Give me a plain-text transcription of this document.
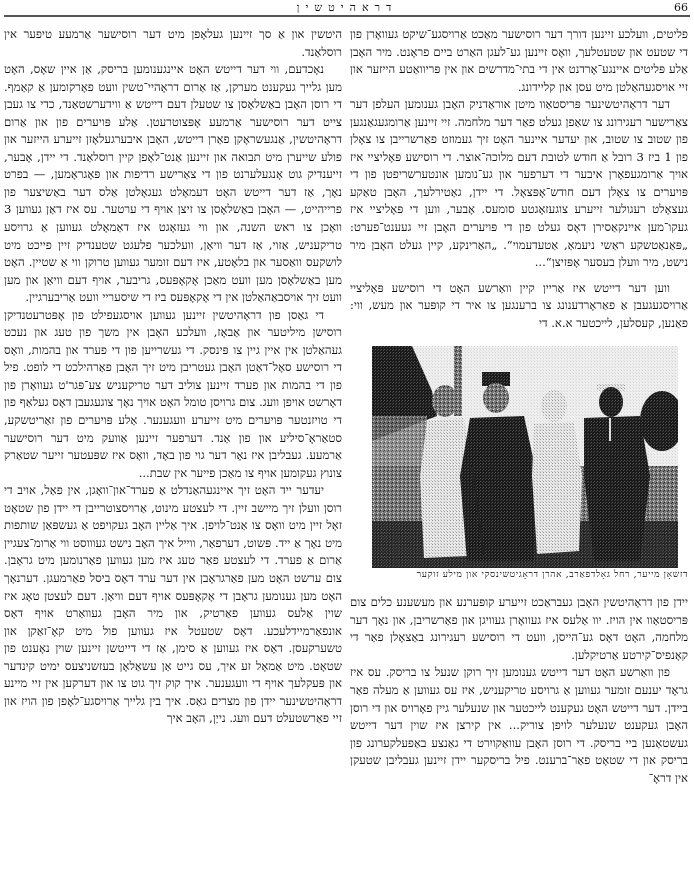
דראהיטשין	66

פליטים, וועלכע זיינען דורך דער רוסישער מאַכט אַרויסגע־שיקט געוואָרן פון די שטעט און שטעטלעך, וואָס זיינען גע־לעגן האַרט ביים פראָנט. מיר האָבן אַלע פּליטים איינגע־אָרדנט אין די בתי־מדרשים און אין פּריוואַטע הייזער און זיי אויסגעהאַלטן מיט עסן און קליידונג.

דער דראָהיטשינער פּריסטאַוו מיטן אוראַדניק האָבן גענומען העלפן דער צאַרישער רעגירונג צו שאַפן געלט פאַר דער מלחמה. זיי זיינען אַרומגעגאַנגען פון שטוב צו שטוב, און יעדער איינער האָט זיך געמוזט פאַרשרייבן צו צאָלן פון 1 ביז 3 רובל אַ חודש לטובת דעם מלוכה־אוצר. די רוסישע פּאָליציי איז אויך אַרומגעפאָרן איבער די דערפער און גע־נומען אונטערשריפטן פון די פּויערים צו צאָלן דעם חודש־אָפּצאָל. די יידן, גאַטירלעך, האָבן טאַקע געצאָלט רעגולער זייערע צוגעזאָגטע סומעס. אָבער, ווען די פּאָליציי איז געקו־מען איינקאַסירן דאָס געלט פון די פּויערים האָבן זיי געענט־פערט: „פּאַנאַטשקע ראַשי ניעמאַ, אַטעדעמוי“. „האַרינקע, קיין געלט האָבן מיר נישט, מיר וועלן בעסער אָפּזיצן“...

ווען דער דייטש איז אַריין קיין וואַרשע האָט די רוסישע פּאָליציי אַרויסגעגעבן אַ פאַראָרדענונג צו ברענגען צו איר די קופּער און מעש, ווי: פאַנען, קעסלען, לייכטער א.א. די

דזשאָן מייער, רחל גאָלדפאַרב, אהרן דראָגיטשינסקי און מילע זוקער

יידן פון דראָהיטשין האָבן געבראַכט זייערע קופּערנע און מעשענע כלים צום פּריסטאַוו אין הויז. יוו אַלעס איז געוואָרן געוויגן און פאַרשריבן, און נאָך דער מלחמה, האָט דאָס גע־הייסן, וועט די רוסישע רעגירונג באַצאָלן פאַר די קאָנפיס־קירטע אַרטיקלען.

פון וואַרשע האָט דער דייטש גענומען זיך רוקן שנעל צו בריסק. עס איז גראָד יענעם זומער געווען אַ גרויסע טריקעניש, איז עס געווען אַ מעלה פאַר ביידן. דער דייטש האָט געקענט לייכטער און שנעלער גיין פאָרויס און די רוסן האָבן געקענט שנעלער לויפן צוריק... אין קירצן איז שוין דער דייטש געשטאַנען ביי בריסק. די רוסן האָבן עוואַקויִרט די גאַנצע באַפעלקערונג פון בריסק און די שטאָט פאַר־ברענט. פיל בריסקער יידן זיינען געבליבן שטעקן אין דראָ־

היטשין און אַ סך זיינען געלאָפן מיט דער רוסישער אַרמעע טיפער אין רוסלאַנד.

נאָכדעם, ווי דער דייטש האָט איינגענומען בריסק, אַן איין שאָס, האָט מען גלייך געקענט מערקן, אַז אַרום דראָהיי־טשין וועט פאָרקומען אַ קאַמף. די רוסן האָבן באַשלאָסן צו שטעלן דעם דייטש אַ ווידערשטאַנד, כדי צו געבן צייט דער רוסישער אַרמעע אָפּצוטרעטן. אַלע פּויערים פון און אַרום דראָהיטשין, אַנגעשראָקן פאַרן דייטש, האָבן איבערגעלאָזן זייערע הייזער און פולע שייערן מיט תבואה און זיינען אַנט־לאָפן קיין רוסלאַנד. די יידן, אָבער, זייענדיק גוט אָנגעלערנט פון די צאַרישע רדיפות און פּאָגראָמען, — בפרט נאָך, אַז דער דייטש האָט דעמאָלט געגאָלטן אַלס דער באַשיצער פון פרייהייט, — האָבן באַשלאָסן צו זיצן אויף די ערטער. עס איז דאַן געווען 3 וואָכן צו ראש השנה, און ווי געזאָגט איז דאַמאָלט געווען אַ גרויסע טריקעניש, אַזוי, אַז דער וויאַן, וועלכער פלעגט שטענדיק זיין פייכט מיט לושקעס וואַסער און בלאָטע, איז דעם זומער געווען טרוקן ווי אַ שטיין. האָט מען באַשלאָסן מען וועט מאַכן אָקאָפּעס, גריבער, אויף דעם וויאַן און מען וועט זיך אויסבאַהאַלטן אין די אָקאָפּעס ביז די שיסעריי וועט אַריבערגיין.

די גאַסן פון דראָהיטשין זיינען געווען אויסגעפילט פון אָפּטרעטנדיקן רוסישן מיליטער און אַבאָז, וועלכע האָבן אין משך פון טעג און נעכט געהאַלטן אין איין גיין צו פּינסק. די געשרייען פון די פערד און בהמות, וואָס די רוסישע סאָל־דאַטן האָבן געטריבן מיט זיך האָבן פאַרהילכט די לופט. פיל פון די בהמות און פערד זיינען צוליב דער טריקעניש צע־פּגר'ט געוואָרן פון דאָרשט אויפן וועג. צום גרויסן טומל האָט אויך נאָך צוגעגעבן דאָס געלאַף פון די טויזנטער פּויערים מיט זייערע וועגענער. אַלע פּויערים פון זאַריטשקע, סטאַראָ־סיליע און פון אַנד. דערפער זיינען אַוועק מיט דער רוסישער אַרמעע. געבליבן איז נאָר דער גוי פון באָד, וואָס איז שפּעטער זייער שטאַרק צונוץ געקומען אויף צו מאַכן פייער אין שבת...

יעדער ייד האָט זיך איינגעהאַנדלט אַ פערד־און־וואָגן, אין פאַל, אויב די רוסן וועלן זיך מיישב זיין. די לעצטע מינוט, אַרויסצוטרייבן די יידן פון שטאָט זאָל זיין מיט וואָס צו אַנט־לויפן. איך אַליין האָב געקויפט אַ געשפּאַן שותפות מיט נאָך אַ ייד. פּשוט, דערפאַר, ווייל איך האָב נישט געוווסט ווי אַרומ־צעגיין אַרום אַ פערד. די לעצטע פאַר טעג איז מען געווען פאַרנומען מיט גראָבן. צום ערשט האָט מען פאַרגראָבן אין דער ערד דאָס ביסל פאַרמעגן. דערנאָך האָט מען גענומען גראָבן די אָקאָפּעס אויף דעם וויאַן. דעם לעצטן טאָג איז שוין אַלעס געווען פאַרטיק, און מיר האָבן געוואַרט אויף דאָס אונפאַרמיידלעכע. דאָס שטעטל איז געווען פול מיט קאָ־זאַקן און טשערקעסן. דאָס איז געווען אַ סימן, אַז די דייטשן זיינען שוין נאָענט פון שטאָט. מיט אַמאָל זע איך, עס גייט אַן עשאַלאָן בעזשניצעס ימיט קינדער און פּעקלעך אויף די וועגענער. איך קוק זיך גוט צו און דערקען אין זיי מיינע דראָהיטשינער יידן פון מצרים גאַס. איך בין גלייך אַרויסגע־לאָפן פון הויז און זיי פאַרשטעלט דעם וועג. נייַן, האָב איך
